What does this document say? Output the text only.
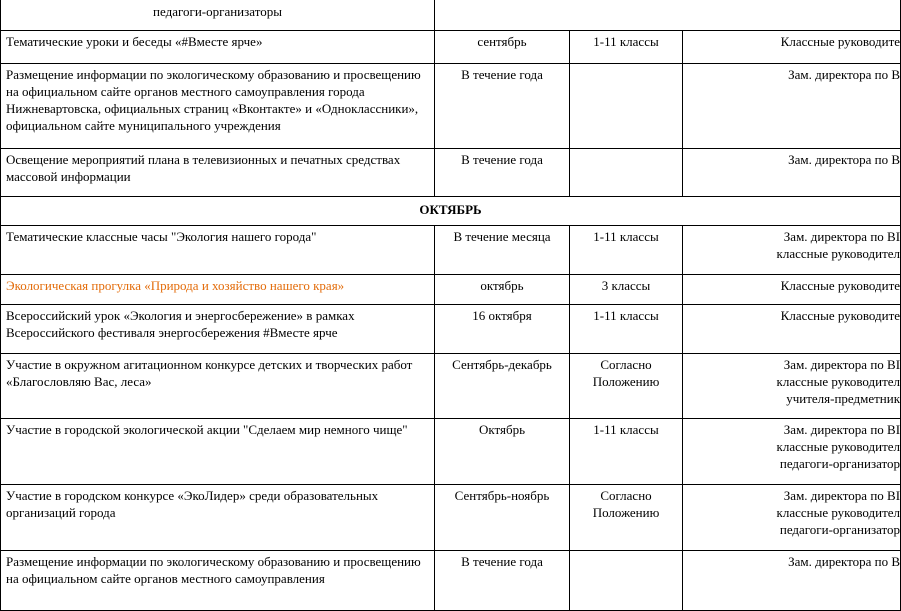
педагоги-организаторы			
Тематические уроки и беседы «#Вместе ярче»	сентябрь	1-11 классы	Классные руководите
Размещение информации по экологическому образованию и просвещению на официальном сайте органов местного самоуправления города Нижневартовска, официальных страниц «Вконтакте» и «Одноклассники», официальном сайте муниципального учреждения	В течение года		Зам. директора по В
Освещение мероприятий плана в телевизионных и печатных средствах массовой информации	В течение года		Зам. директора по В
ОКТЯБРЬ			
Тематические классные часы "Экология нашего города"	В течение месяца	1-11 классы	Зам. директора по ВІ
классные руководител

Экологическая прогулка «Природа и хозяйство нашего края»	октябрь	3 классы	Классные руководите

Всероссийский урок «Экология и энергосбережение» в рамках Всероссийского фестиваля энергосбережения #Вместе ярче	16 октября	1-11 классы	Классные руководите

Участие в окружном агитационном конкурсе детских и творческих работ «Благословляю Вас, леса»	Сентябрь-декабрь	Согласно Положению	Зам. директора по ВІ
классные руководител
учителя-предметник

Участие в городской экологической акции "Сделаем мир немного чище"	Октябрь	1-11 классы	Зам. директора по ВІ
классные руководител
педагоги-организатор

Участие в городском конкурсе «ЭкоЛидер» среди образовательных организаций города	Сентябрь-ноябрь	Согласно Положению	Зам. директора по ВІ
классные руководител
педагоги-организатор

Размещение информации по экологическому образованию и просвещению на официальном сайте органов местного самоуправления	В течение года		Зам. директора по В
